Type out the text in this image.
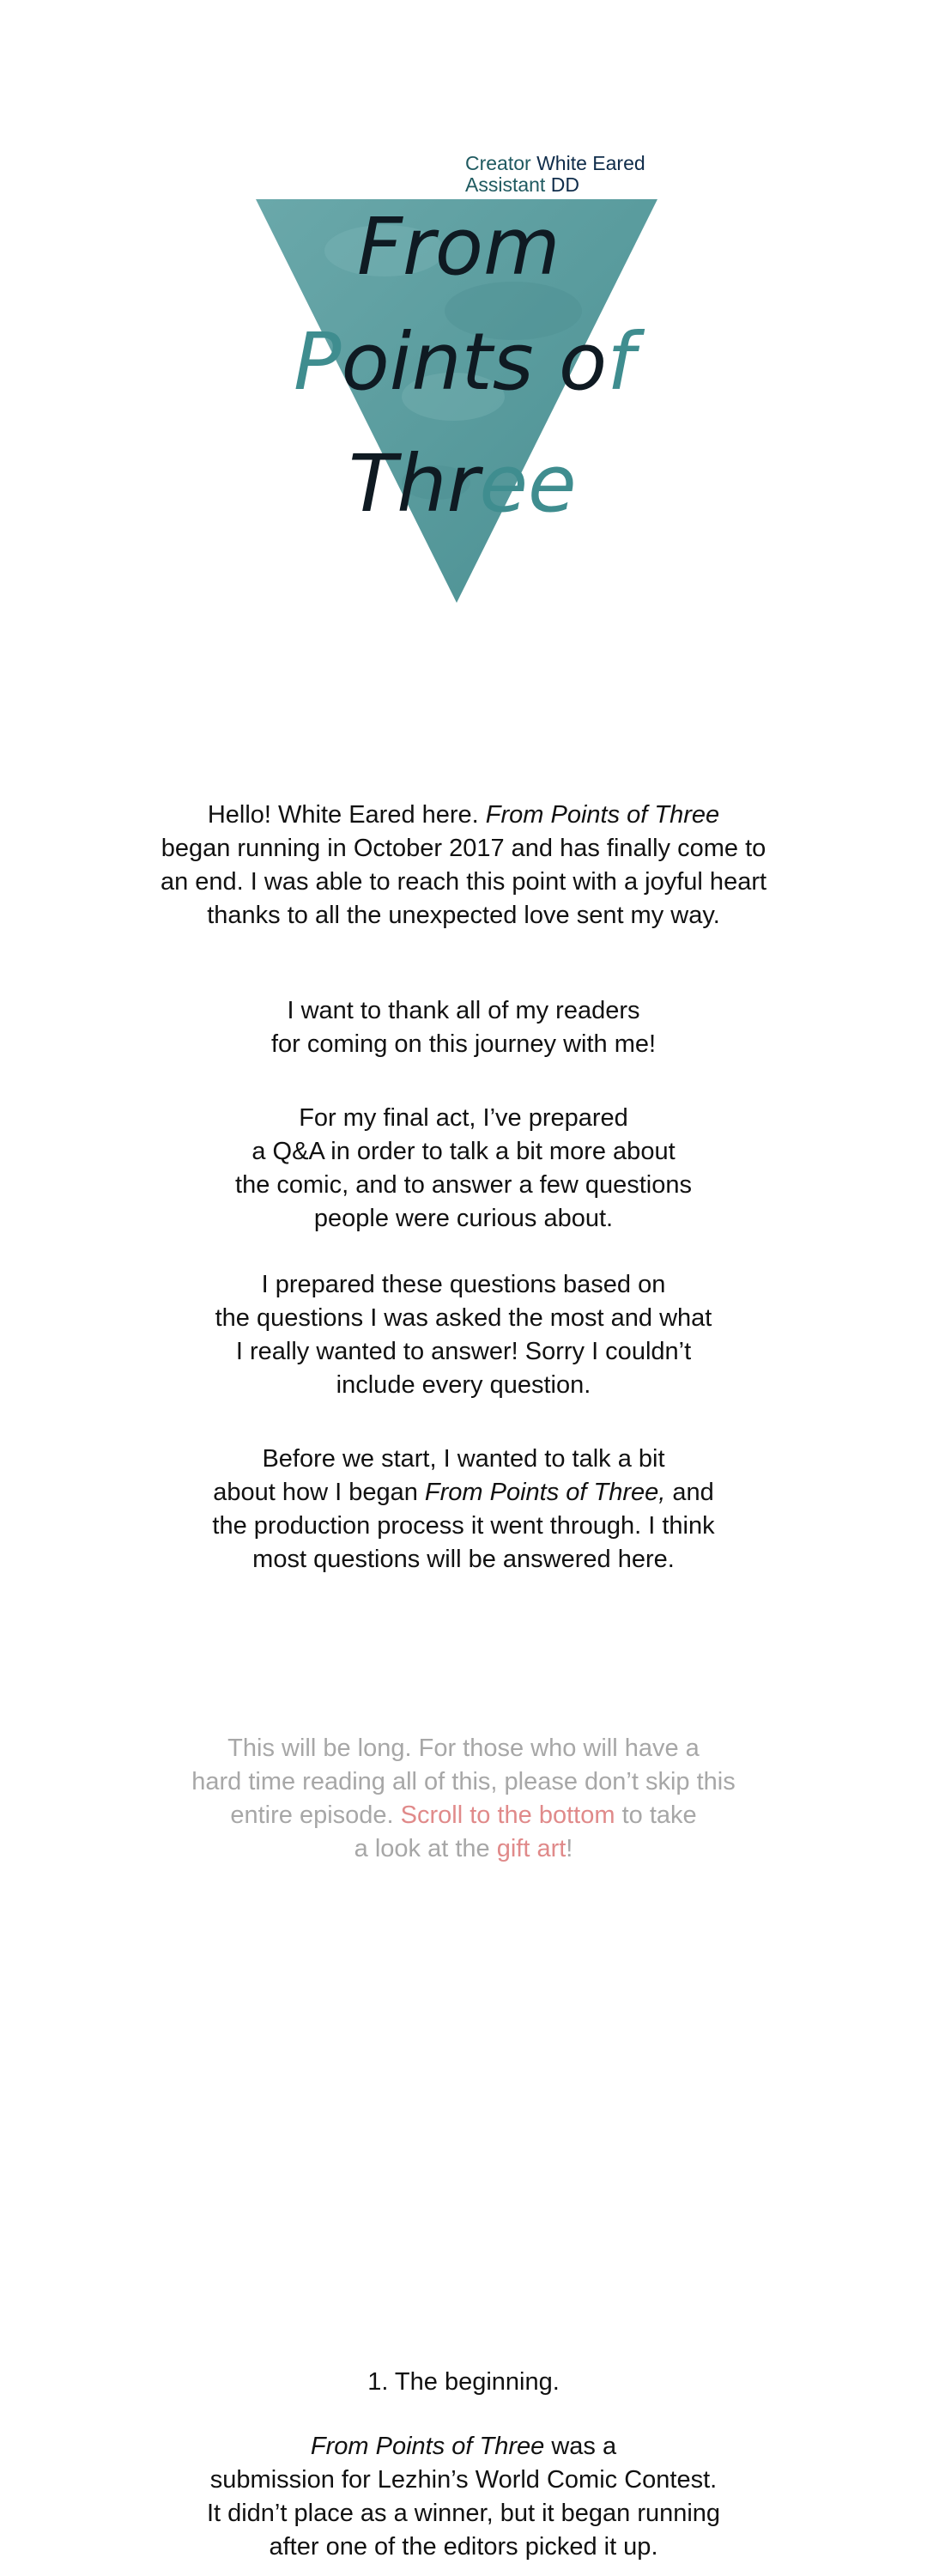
Creator White Eared
Assistant DD
From
Points of
Three

Hello! White Eared here. From Points of Three

began running in October 2017 and has finally come to

an end. I was able to reach this point with a joyful heart

thanks to all the unexpected love sent my way.

I want to thank all of my readers

for coming on this journey with me!

For my final act, I’ve prepared

a Q&A in order to talk a bit more about

the comic, and to answer a few questions

people were curious about.

I prepared these questions based on

the questions I was asked the most and what

I really wanted to answer! Sorry I couldn’t

include every question.

Before we start, I wanted to talk a bit

about how I began From Points of Three, and

the production process it went through. I think

most questions will be answered here.

This will be long. For those who will have a

hard time reading all of this, please don’t skip this

entire episode. Scroll to the bottom to take

a look at the gift art!

1. The beginning.

From Points of Three was a

submission for Lezhin’s World Comic Contest.

It didn’t place as a winner, but it began running

after one of the editors picked it up.
